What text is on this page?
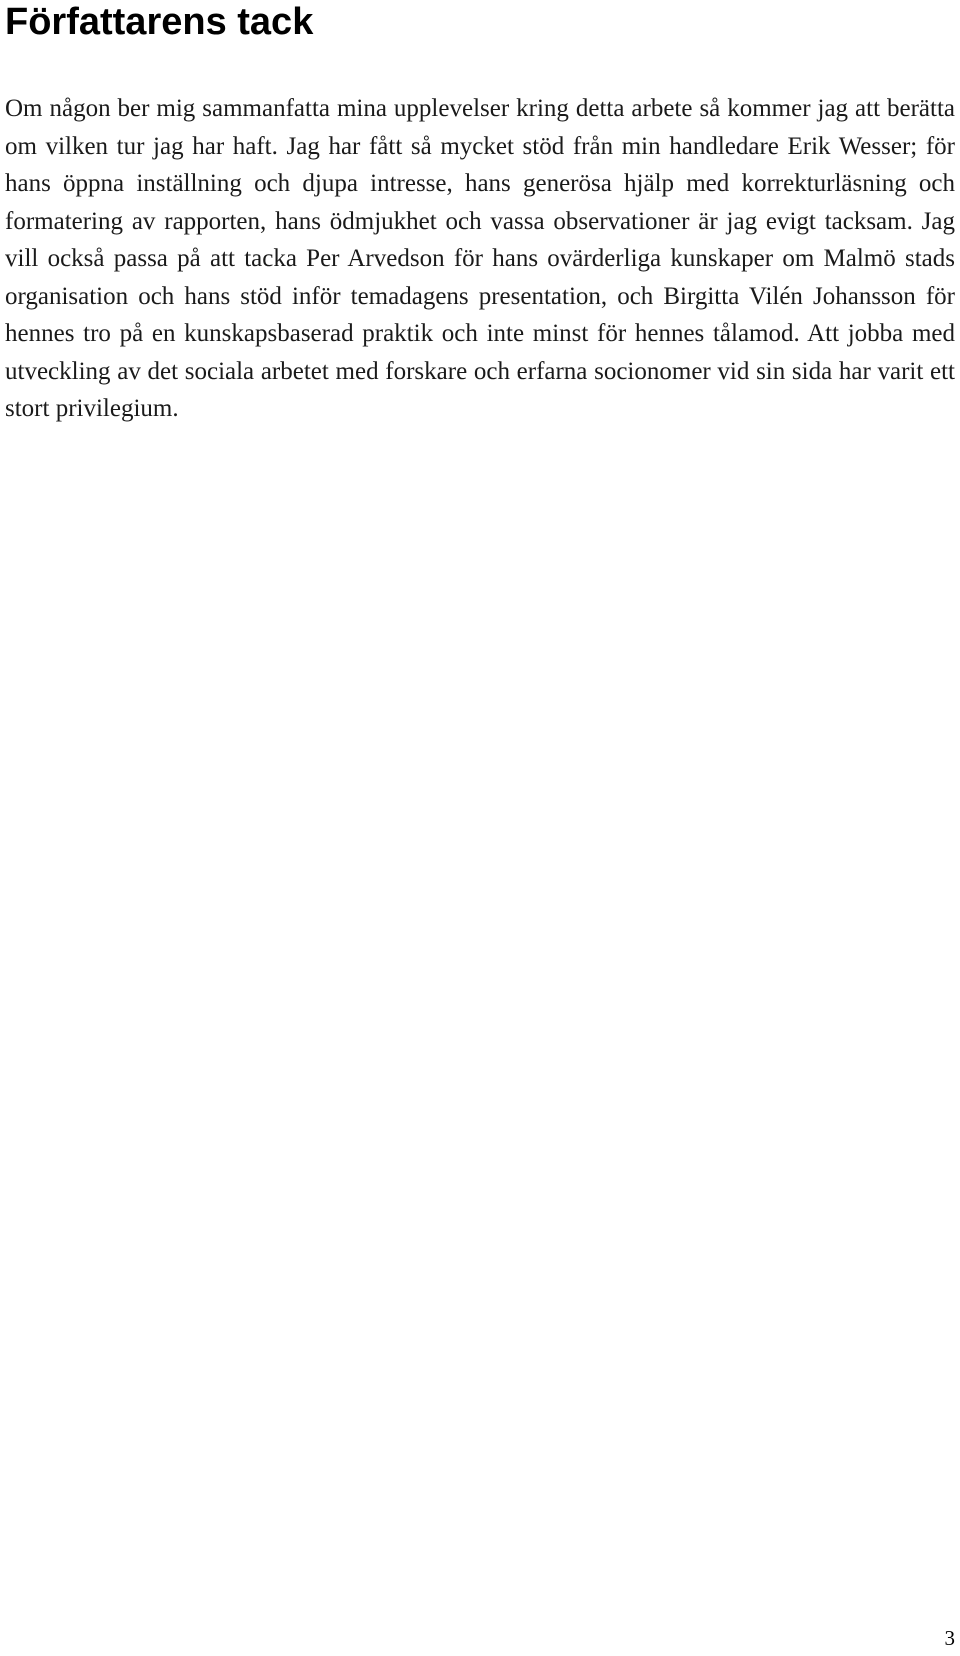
Författarens tack

Om någon ber mig sammanfatta mina upplevelser kring detta arbete så kommer jag att berätta om vilken tur jag har haft. Jag har fått så mycket stöd från min handledare Erik Wesser; för hans öppna inställning och djupa intresse, hans generösa hjälp med korrekturläsning och formatering av rapporten, hans ödmjukhet och vassa observationer är jag evigt tacksam. Jag vill också passa på att tacka Per Arvedson för hans ovärderliga kunskaper om Malmö stads organisation och hans stöd inför temadagens presentation, och Birgitta Vilén Johansson för hennes tro på en kunskapsbaserad praktik och inte minst för hennes tålamod. Att jobba med utveckling av det sociala arbetet med forskare och erfarna socionomer vid sin sida har varit ett stort privilegium.

3
